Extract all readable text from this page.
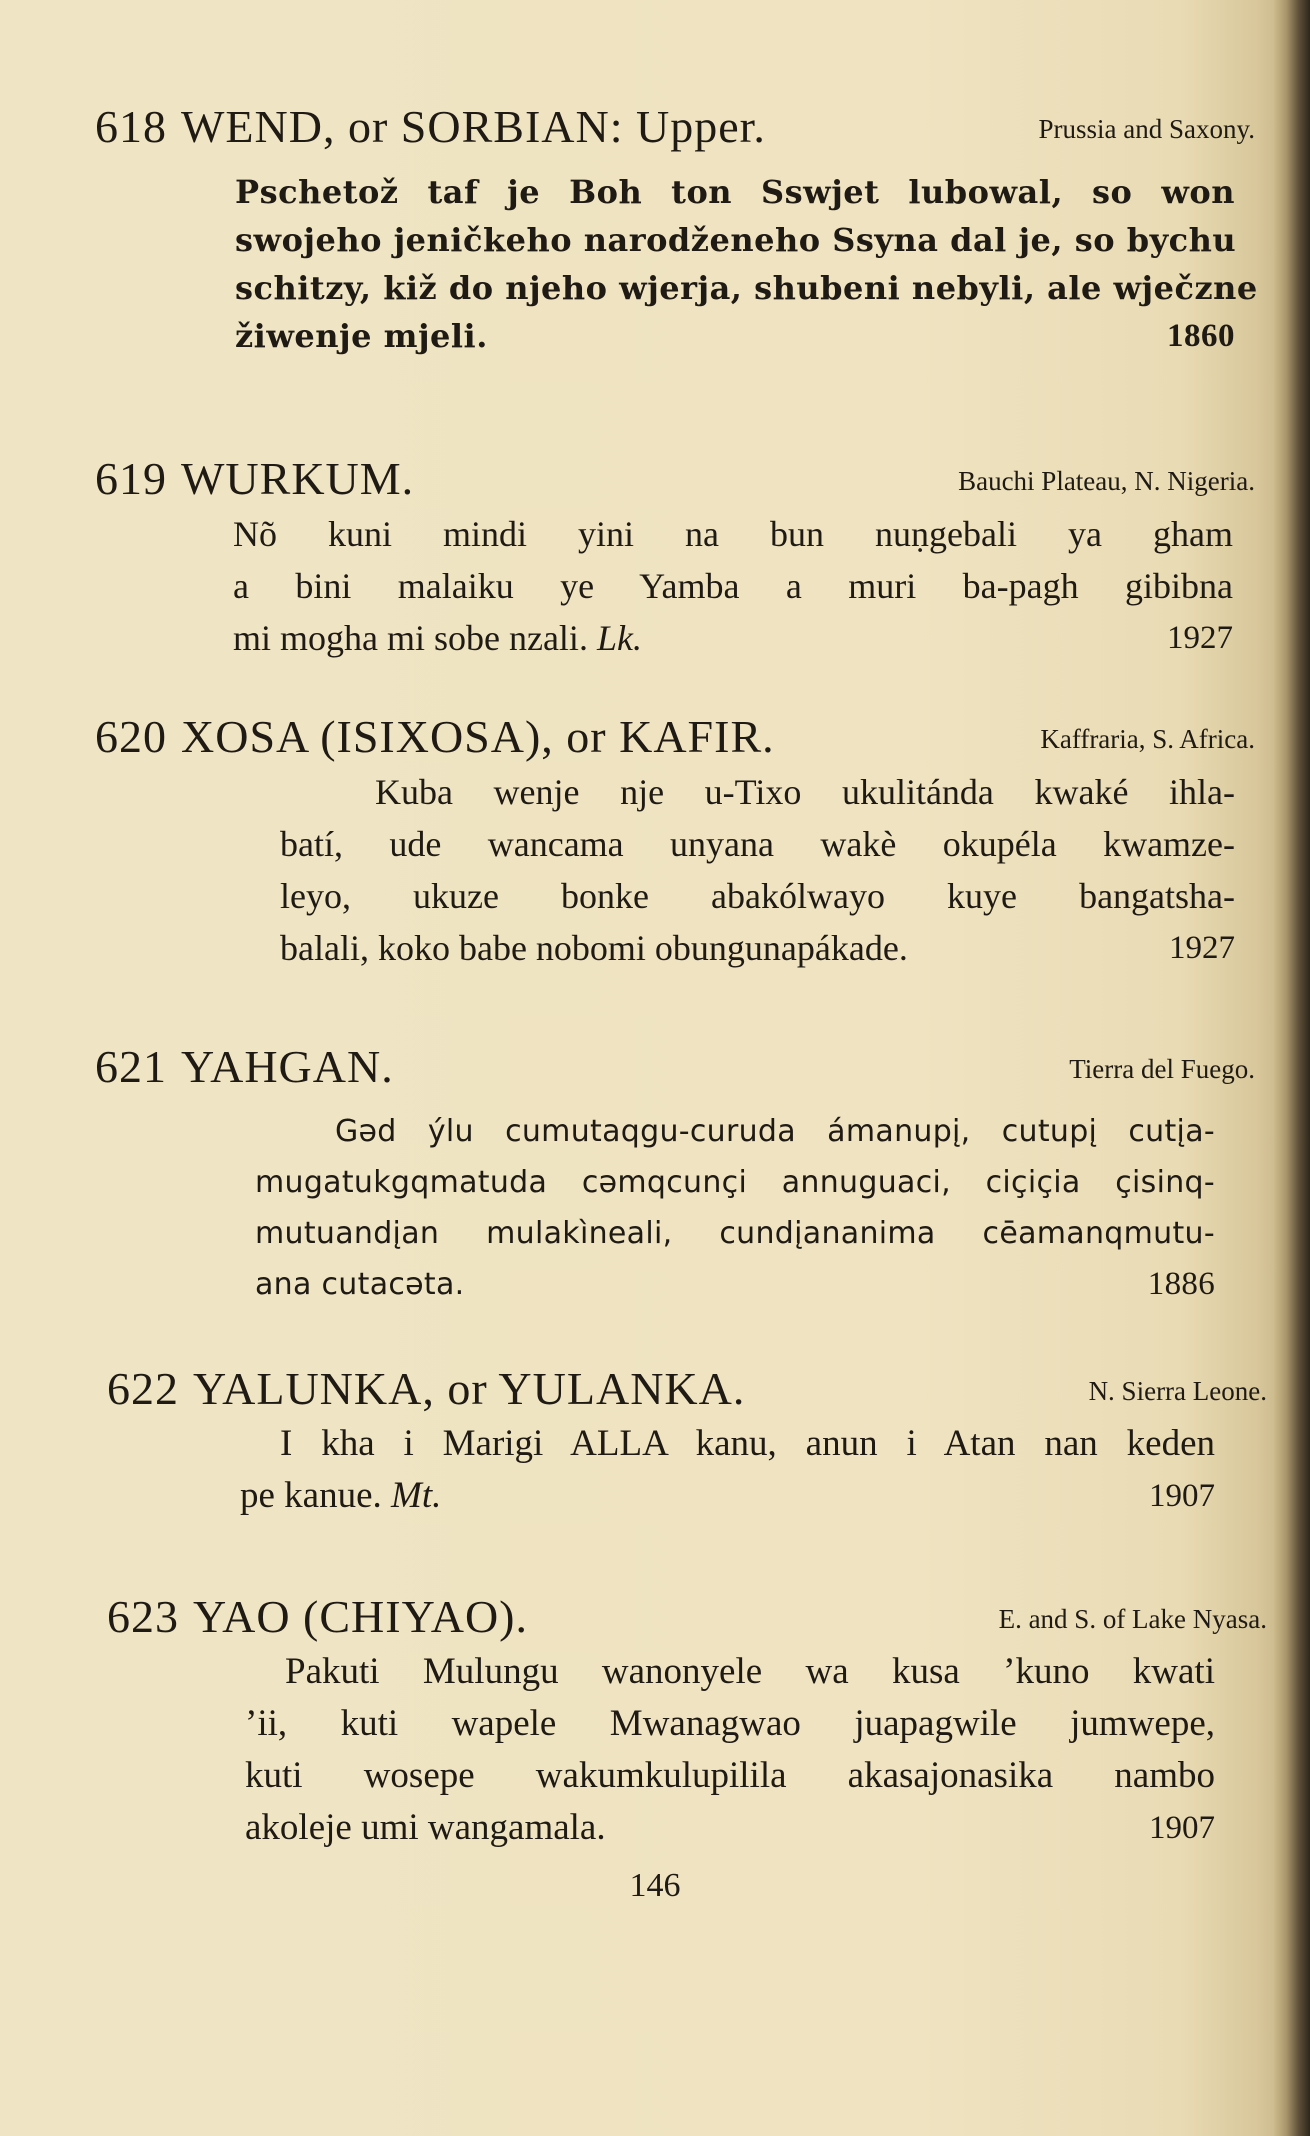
618 WEND, or SORBIAN: Upper.	Prussia and Saxony.
Pschetož taf je Boh ton Sswjet lubowal, so won
swojeho jeničkeho narodženeho Ssyna dal je, so bychu
schitzy, kiž do njeho wjerja, shubeni nebyli, ale wječzne
žiwenje mjeli.	1860
619 WURKUM.	Bauchi Plateau, N. Nigeria.
Nõ kuni mindi yini na bun nuṇgebali ya gham
a bini malaiku ye Yamba a muri ba-pagh gibibna
mi mogha mi sobe nzali. Lk.	1927
620 XOSA (ISIXOSA), or KAFIR.	Kaffraria, S. Africa.
Kuba wenje nje u-Tixo ukulitánda kwaké ihla-
batí, ude wancama unyana wakè okupéla kwamze-
leyo, ukuze bonke abakólwayo kuye bangatsha-
balali, koko babe nobomi obungunapákade.	1927
621 YAHGAN.	Tierra del Fuego.
Gəd ýlu cumutaqgu-curuda ámanupį, cutupį cutįa-
mugatukgqmatuda cəmqcunçi annuguaci, ciçiçia çisinq-
mutuandįan mulakìneali, cundįananima cēamanqmutu-
ana cutacəta.	1886
622 YALUNKA, or YULANKA.	N. Sierra Leone.
I kha i Marigi ALLA kanu, anun i Atan nan keden
pe kanue. Mt.	1907
623 YAO (CHIYAO).	E. and S. of Lake Nyasa.
Pakuti Mulungu wanonyele wa kusa ’kuno kwati
’ii, kuti wapele Mwanagwao juapagwile jumwepe,
kuti wosepe wakumkulupilila akasajonasika nambo
akoleje umi wangamala.	1907
146
